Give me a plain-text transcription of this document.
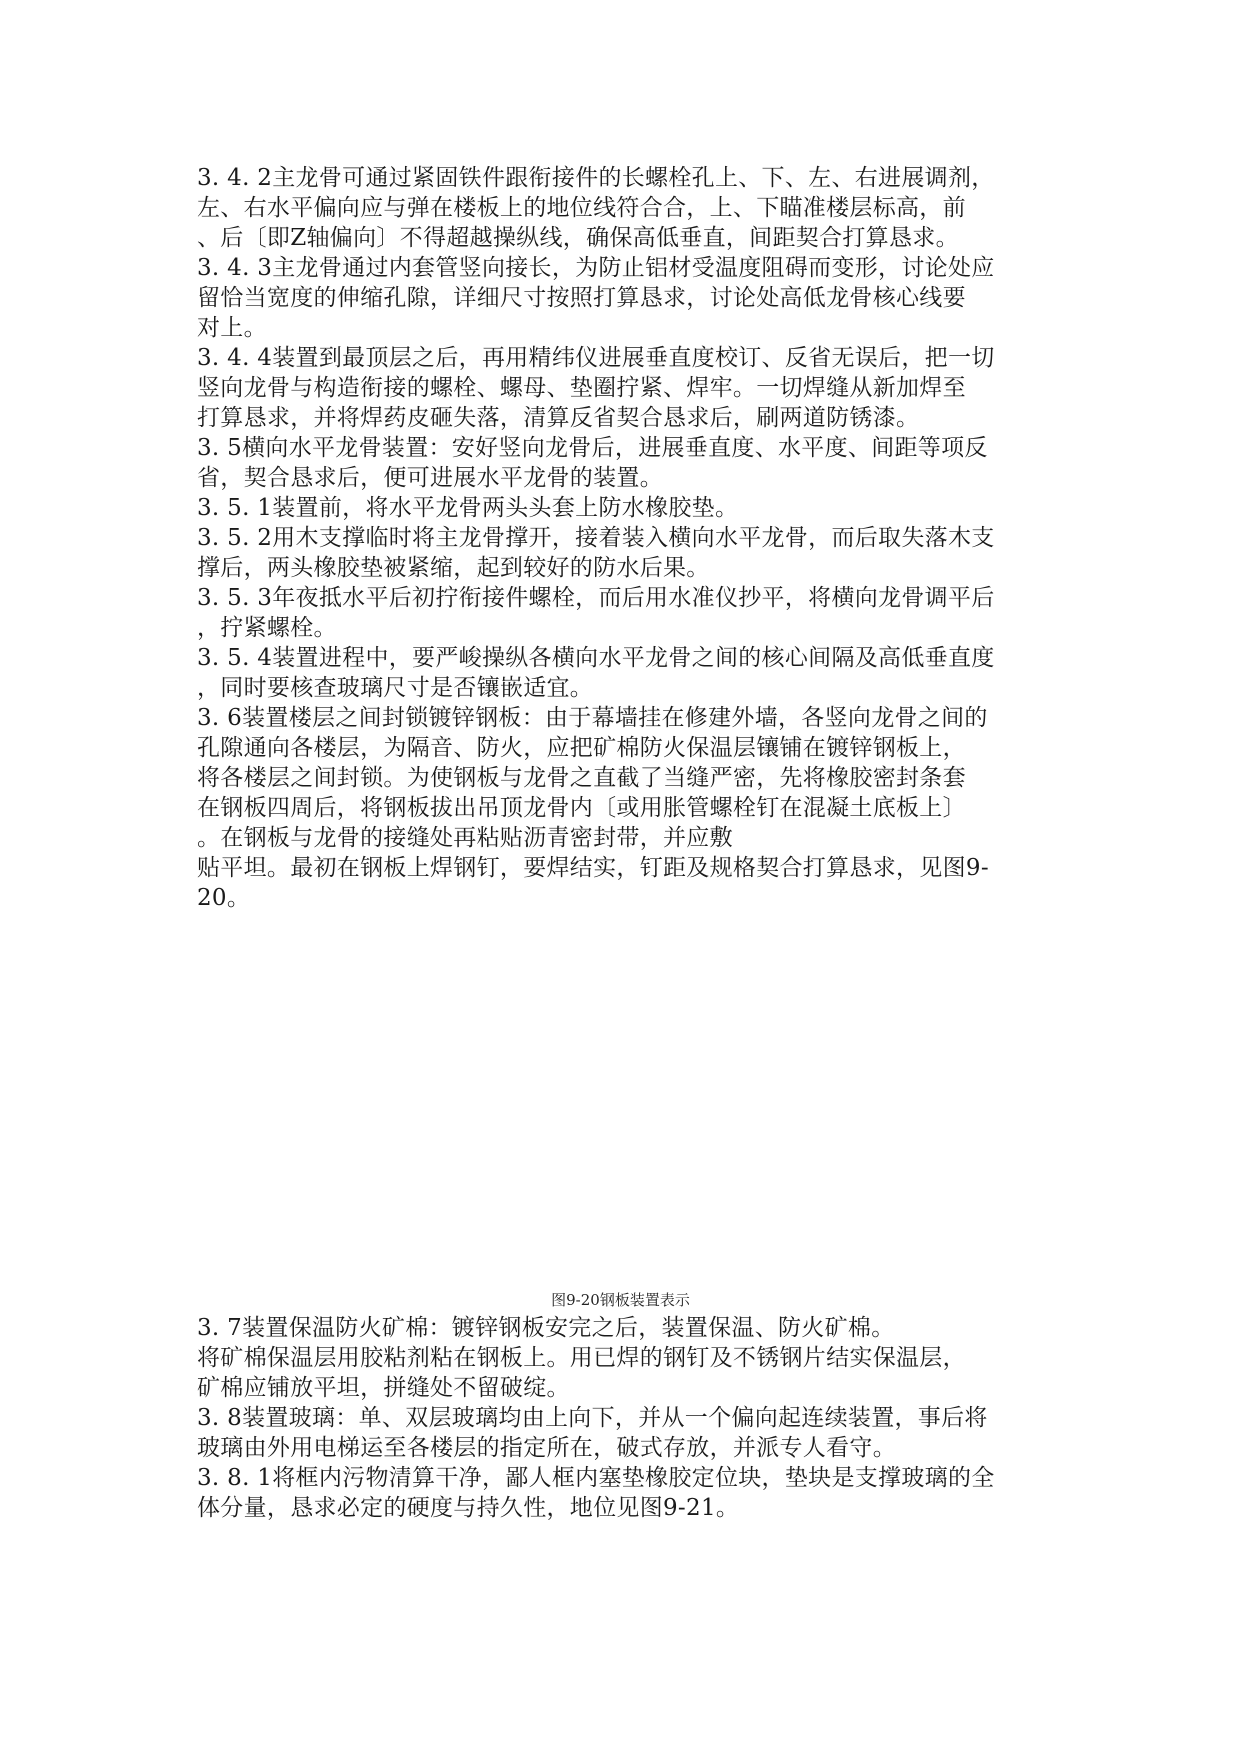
3. 4. 2主龙骨可通过紧固铁件跟衔接件的长螺栓孔上、下、左、右进展调剂，
左、右水平偏向应与弹在楼板上的地位线符合合，上、下瞄准楼层标高，前
、后〔即Z轴偏向〕不得超越操纵线，确保高低垂直，间距契合打算恳求。
3. 4. 3主龙骨通过内套管竖向接长，为防止铝材受温度阻碍而变形，讨论处应
留恰当宽度的伸缩孔隙，详细尺寸按照打算恳求，讨论处高低龙骨核心线要
对上。
3. 4. 4装置到最顶层之后，再用精纬仪进展垂直度校订、反省无误后，把一切
竖向龙骨与构造衔接的螺栓、螺母、垫圈拧紧、焊牢。一切焊缝从新加焊至
打算恳求，并将焊药皮砸失落，清算反省契合恳求后，刷两道防锈漆。
3. 5横向水平龙骨装置：安好竖向龙骨后，进展垂直度、水平度、间距等项反
省，契合恳求后，便可进展水平龙骨的装置。
3. 5. 1装置前，将水平龙骨两头头套上防水橡胶垫。
3. 5. 2用木支撑临时将主龙骨撑开，接着装入横向水平龙骨，而后取失落木支
撑后，两头橡胶垫被紧缩，起到较好的防水后果。
3. 5. 3年夜抵水平后初拧衔接件螺栓，而后用水准仪抄平，将横向龙骨调平后
，拧紧螺栓。
3. 5. 4装置进程中，要严峻操纵各横向水平龙骨之间的核心间隔及高低垂直度
，同时要核查玻璃尺寸是否镶嵌适宜。
3. 6装置楼层之间封锁镀锌钢板：由于幕墙挂在修建外墙，各竖向龙骨之间的
孔隙通向各楼层，为隔音、防火，应把矿棉防火保温层镶铺在镀锌钢板上，
将各楼层之间封锁。为使钢板与龙骨之直截了当缝严密，先将橡胶密封条套
在钢板四周后，将钢板拔出吊顶龙骨内〔或用胀管螺栓钉在混凝土底板上〕
。在钢板与龙骨的接缝处再粘贴沥青密封带，并应敷
贴平坦。最初在钢板上焊钢钉，要焊结实，钉距及规格契合打算恳求，见图9-
20。
图9-20钢板装置表示
3. 7装置保温防火矿棉：镀锌钢板安完之后，装置保温、防火矿棉。
将矿棉保温层用胶粘剂粘在钢板上。用已焊的钢钉及不锈钢片结实保温层，
矿棉应铺放平坦，拼缝处不留破绽。
3. 8装置玻璃：单、双层玻璃均由上向下，并从一个偏向起连续装置，事后将
玻璃由外用电梯运至各楼层的指定所在，破式存放，并派专人看守。
3. 8. 1将框内污物清算干净，鄙人框内塞垫橡胶定位块，垫块是支撑玻璃的全
体分量，恳求必定的硬度与持久性，地位见图9-21。
